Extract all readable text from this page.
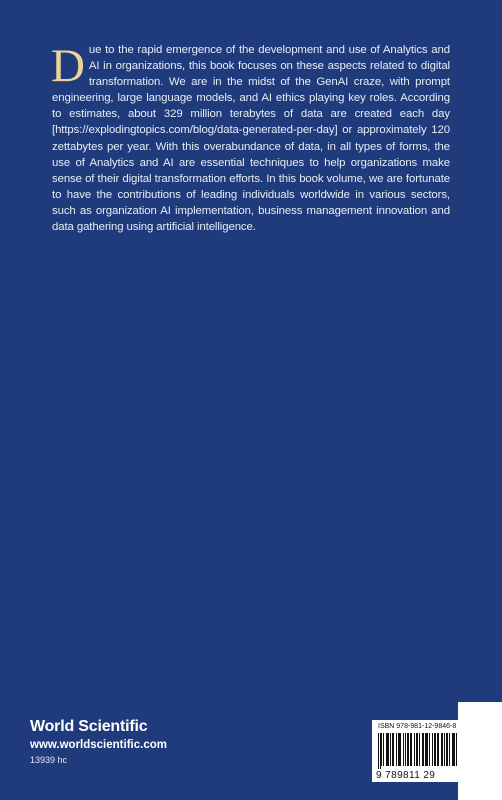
Due to the rapid emergence of the development and use of Analytics and AI in organizations, this book focuses on these aspects related to digital transformation. We are in the midst of the GenAI craze, with prompt engineering, large language models, and AI ethics playing key roles. According to estimates, about 329 million terabytes of data are created each day [https://explodingtopics.com/blog/data-generated-per-day] or approximately 120 zettabytes per year. With this overabundance of data, in all types of forms, the use of Analytics and AI are essential techniques to help organizations make sense of their digital transformation efforts. In this book volume, we are fortunate to have the contributions of leading individuals worldwide in various sectors, such as organization AI implementation, business management innovation and data gathering using artificial intelligence.
World Scientific
www.worldscientific.com
13939 hc
ISBN 978-981-12-9846-8
9 789811 29
